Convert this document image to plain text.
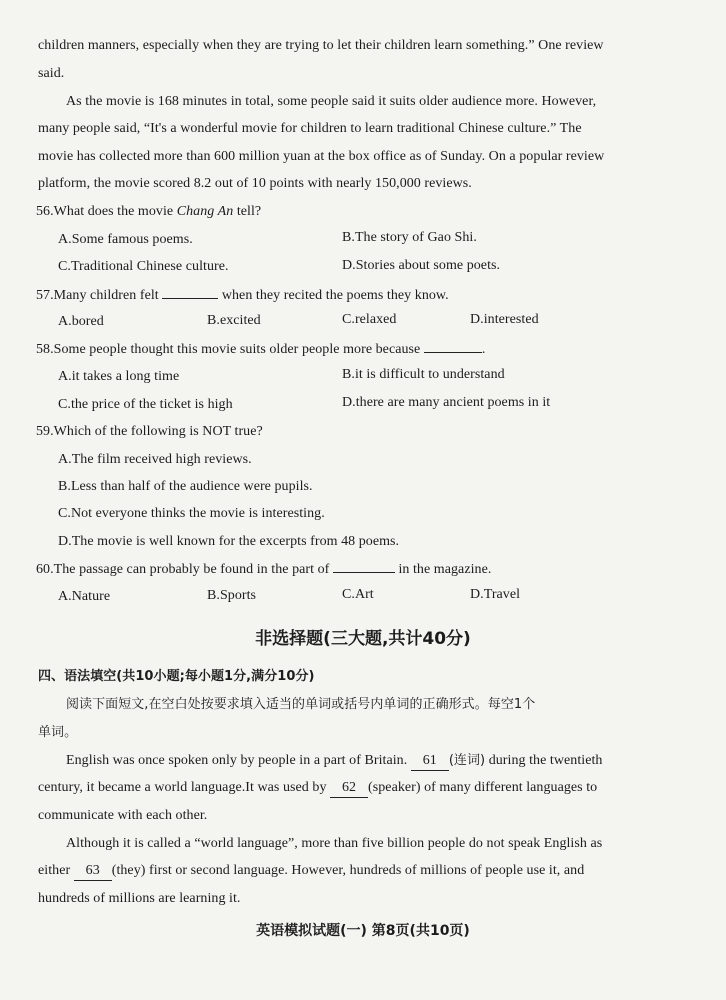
children manners, especially when they are trying to let their children learn something.” One review
said.
As the movie is 168 minutes in total, some people said it suits older audience more. However,
many people said, “It's a wonderful movie for children to learn traditional Chinese culture.” The
movie has collected more than 600 million yuan at the box office as of Sunday. On a popular review
platform, the movie scored 8.2 out of 10 points with nearly 150,000 reviews.
56.What does the movie Chang An tell?
A.Some famous poems.	B.The story of Gao Shi.
C.Traditional Chinese culture.	D.Stories about some poets.
57.Many children felt	when they recited the poems they know.
A.bored	B.excited	C.relaxed	D.interested
58.Some people thought this movie suits older people more because	.
A.it takes a long time	B.it is difficult to understand
C.the price of the ticket is high	D.there are many ancient poems in it
59.Which of the following is NOT true?
A.The film received high reviews.
B.Less than half of the audience were pupils.
C.Not everyone thinks the movie is interesting.
D.The movie is well known for the excerpts from 48 poems.
60.The passage can probably be found in the part of	in the magazine.
A.Nature	B.Sports	C.Art	D.Travel
非选择题(三大题,共计40分)
四、语法填空(共10小题;每小题1分,满分10分)
阅读下面短文,在空白处按要求填入适当的单词或括号内单词的正确形式。每空1个
单词。
English was once spoken only by people in a part of Britain. 61 (连词) during the twentieth
century, it became a world language.It was used by 62 (speaker) of many different languages to
communicate with each other.
Although it is called a “world language”, more than five billion people do not speak English as
either 63 (they) first or second language. However, hundreds of millions of people use it, and
hundreds of millions are learning it.
英语模拟试题(一) 第8页(共10页)
